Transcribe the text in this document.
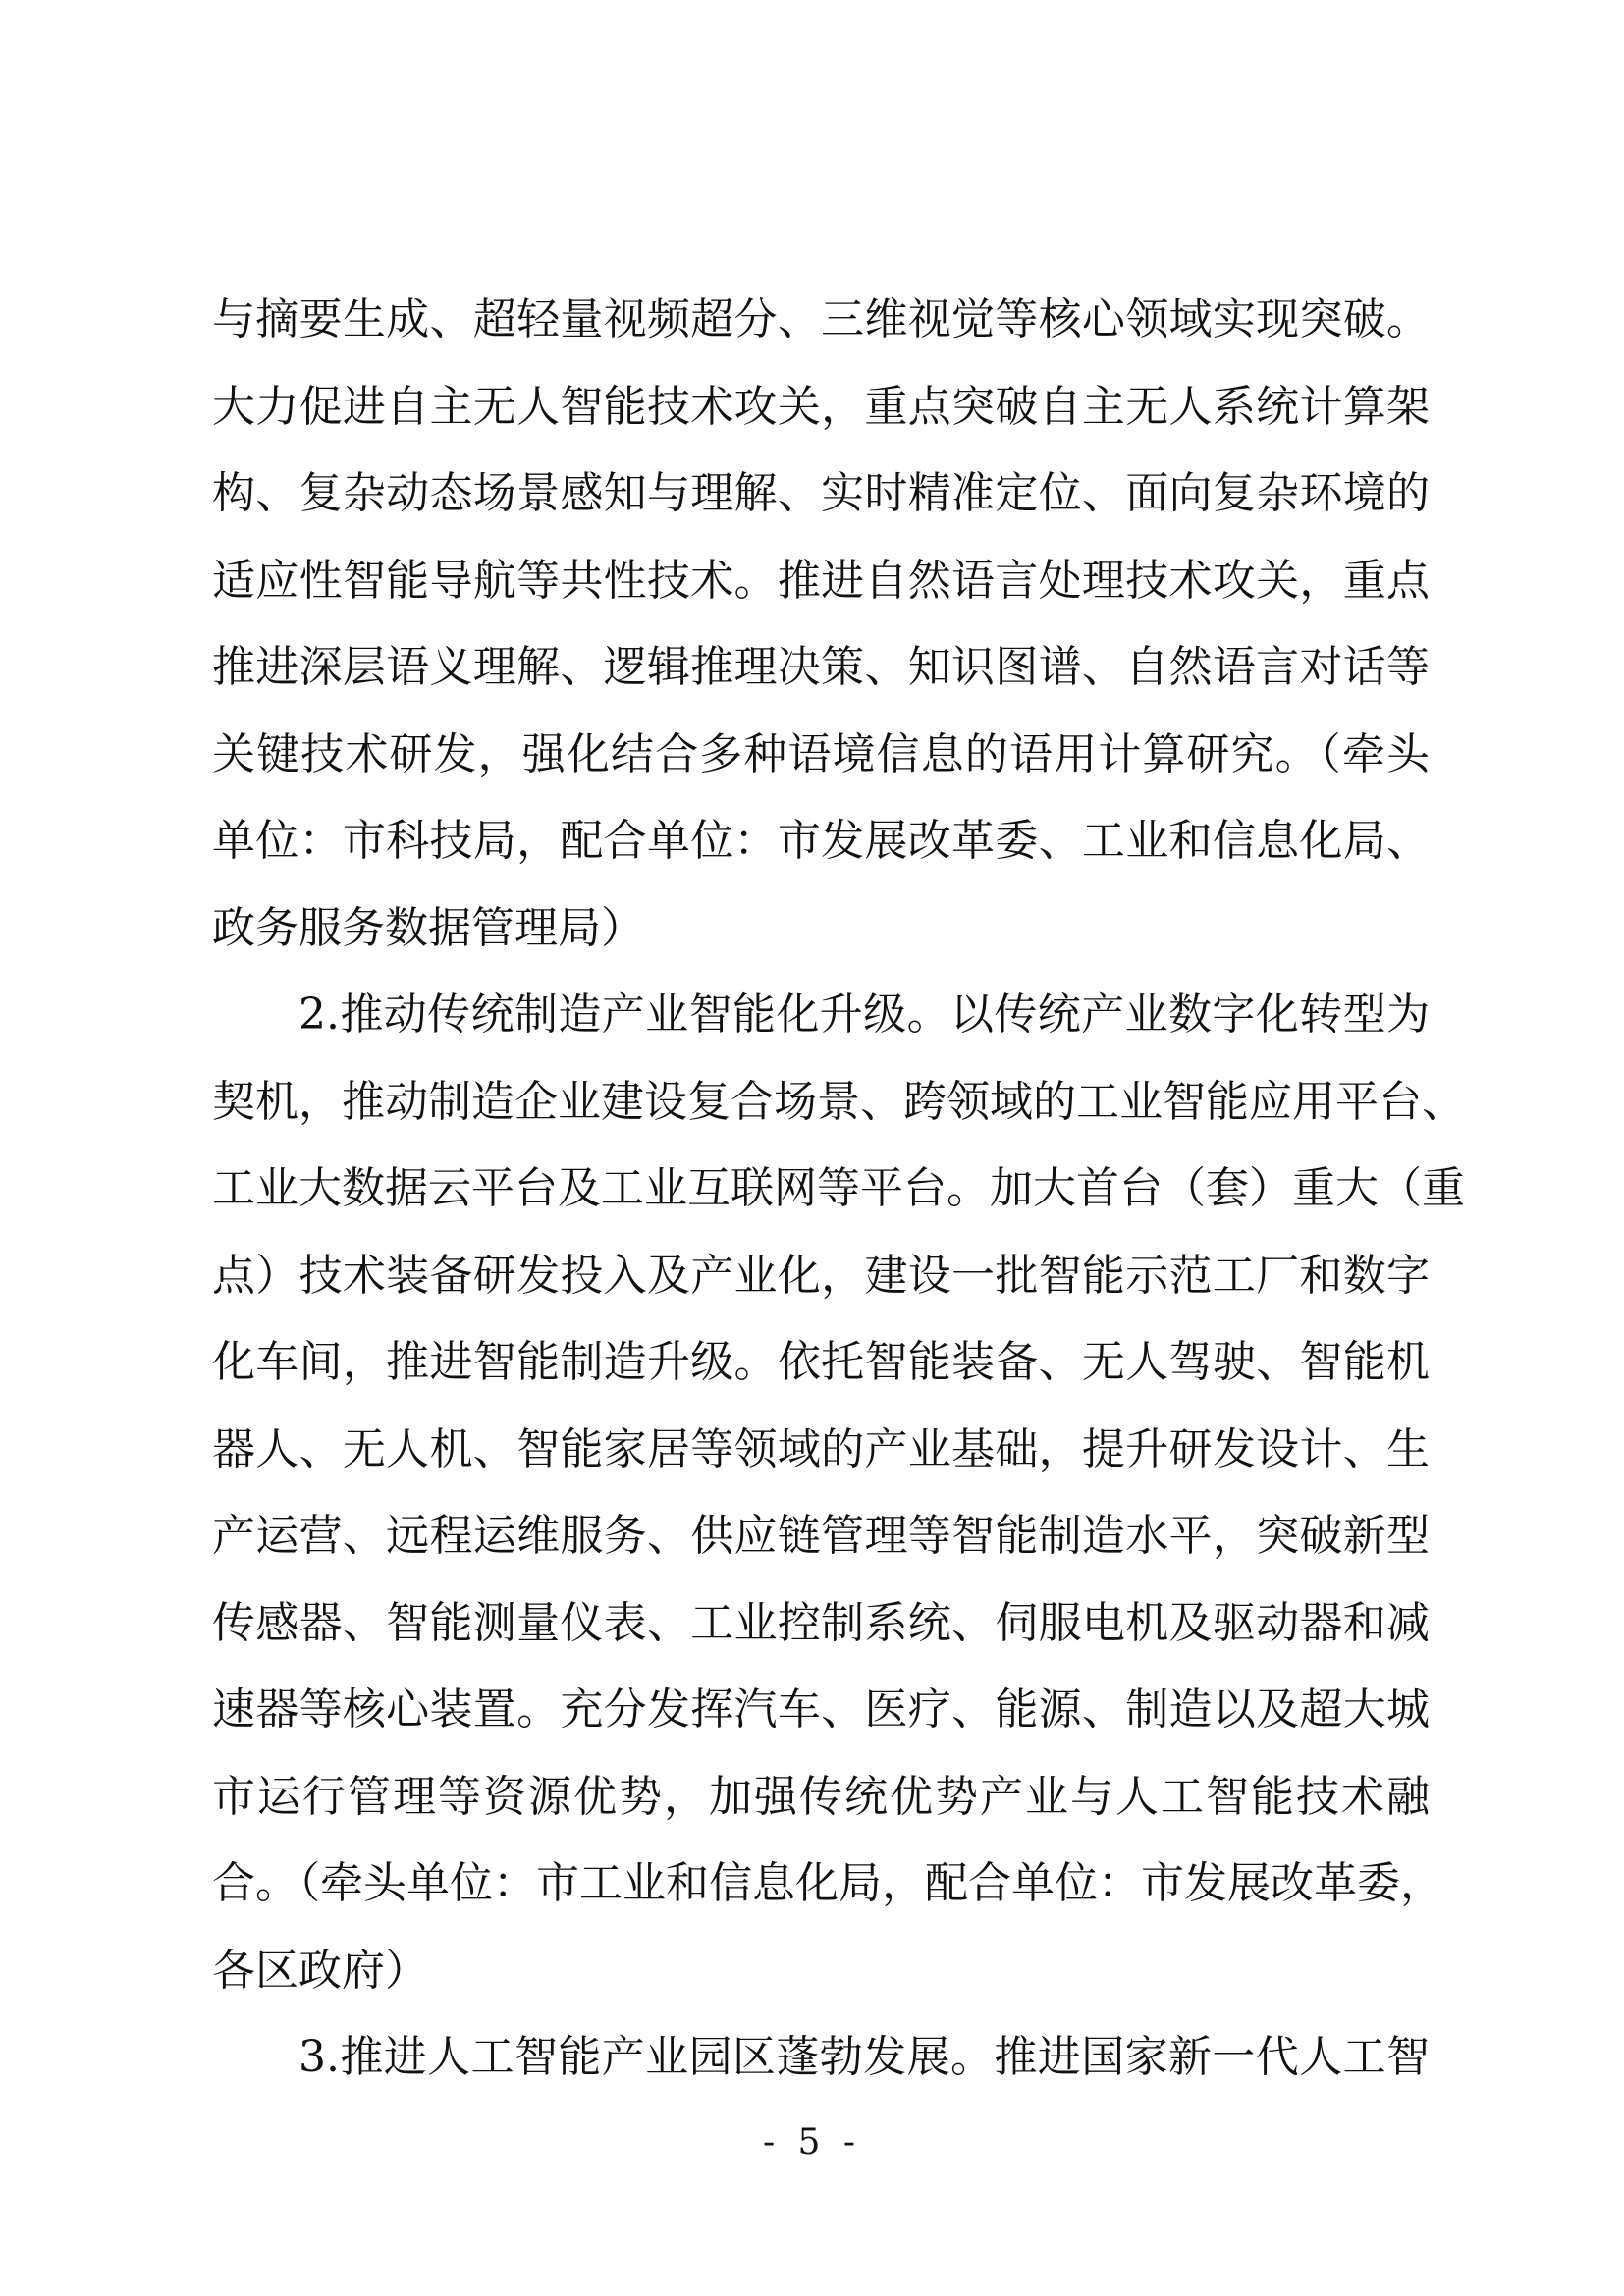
与摘要生成、超轻量视频超分、三维视觉等核心领域实现突破。
大力促进自主无人智能技术攻关，重点突破自主无人系统计算架
构、复杂动态场景感知与理解、实时精准定位、面向复杂环境的
适应性智能导航等共性技术。推进自然语言处理技术攻关，重点
推进深层语义理解、逻辑推理决策、知识图谱、自然语言对话等
关键技术研发，强化结合多种语境信息的语用计算研究。（牵头
单位：市科技局，配合单位：市发展改革委、工业和信息化局、
政务服务数据管理局）
2.推动传统制造产业智能化升级。以传统产业数字化转型为
契机，推动制造企业建设复合场景、跨领域的工业智能应用平台、
工业大数据云平台及工业互联网等平台。加大首台（套）重大（重
点）技术装备研发投入及产业化，建设一批智能示范工厂和数字
化车间，推进智能制造升级。依托智能装备、无人驾驶、智能机
器人、无人机、智能家居等领域的产业基础，提升研发设计、生
产运营、远程运维服务、供应链管理等智能制造水平，突破新型
传感器、智能测量仪表、工业控制系统、伺服电机及驱动器和减
速器等核心装置。充分发挥汽车、医疗、能源、制造以及超大城
市运行管理等资源优势，加强传统优势产业与人工智能技术融
合。（牵头单位：市工业和信息化局，配合单位：市发展改革委，
各区政府）
3.推进人工智能产业园区蓬勃发展。推进国家新一代人工智
- 5 -
